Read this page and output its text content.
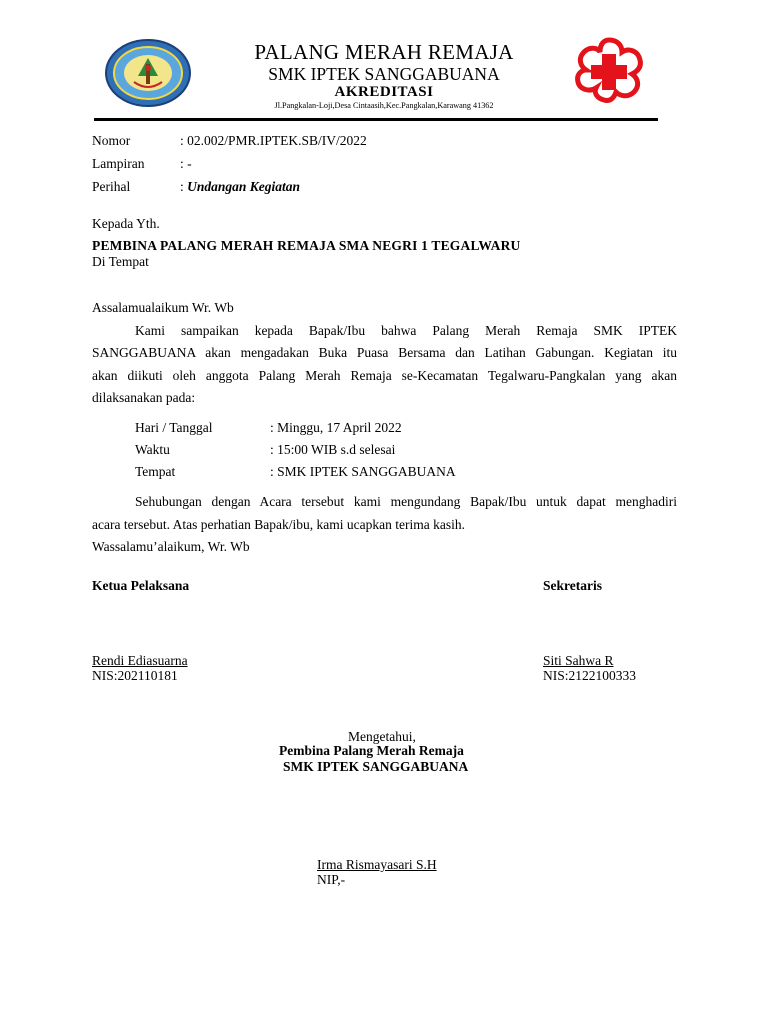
PALANG MERAH REMAJA
SMK IPTEK SANGGABUANA
AKREDITASI
Jl.Pangkalan-Loji,Desa Cintaasih,Kec.Pangkalan,Karawang 41362
Nomor	: 02.002/PMR.IPTEK.SB/IV/2022
Lampiran	: -
Perihal	: Undangan Kegiatan
Kepada Yth.
PEMBINA PALANG MERAH REMAJA SMA NEGRI 1 TEGALWARU
Di Tempat
Assalamualaikum Wr. Wb
Kami sampaikan kepada Bapak/Ibu bahwa Palang Merah Remaja SMK IPTEK
SANGGABUANA akan mengadakan Buka Puasa Bersama dan Latihan Gabungan. Kegiatan itu
akan diikuti oleh anggota Palang Merah Remaja se-Kecamatan Tegalwaru-Pangkalan yang akan
dilaksanakan pada:
Hari / Tanggal	: Minggu, 17 April 2022
Waktu	: 15:00 WIB s.d selesai
Tempat	: SMK IPTEK SANGGABUANA
Sehubungan dengan Acara tersebut kami mengundang Bapak/Ibu untuk dapat menghadiri
acara tersebut. Atas perhatian Bapak/ibu, kami ucapkan terima kasih.
Wassalamu’alaikum, Wr. Wb
Ketua Pelaksana	Sekretaris
Rendi Ediasuarna
NIS:202110181
Siti Sahwa R
NIS:2122100333
Mengetahui,
Pembina Palang Merah Remaja
SMK IPTEK SANGGABUANA
Irma Rismayasari S.H
NIP,-
